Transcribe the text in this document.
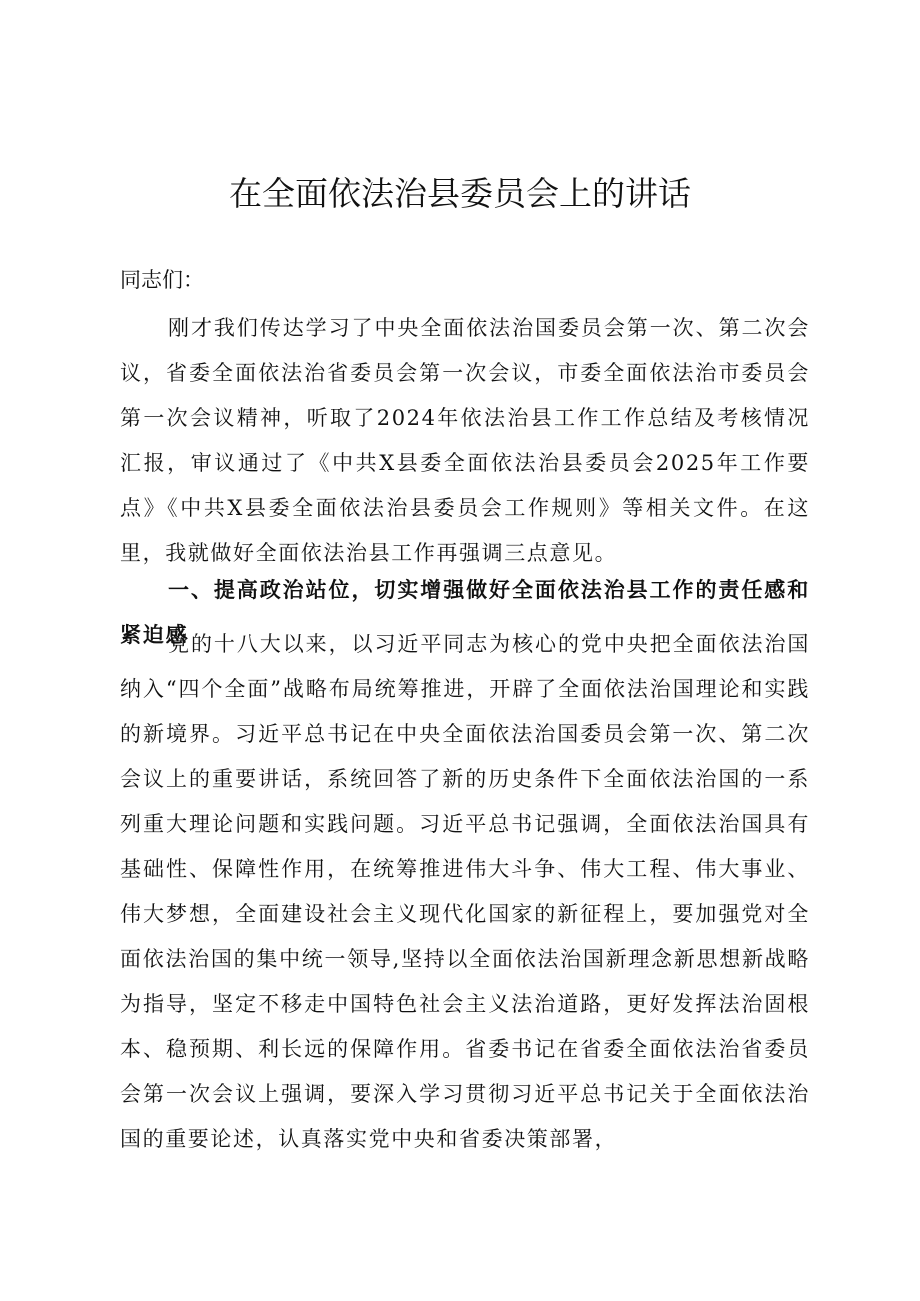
在全面依法治县委员会上的讲话

同志们：

刚才我们传达学习了中央全面依法治国委员会第一次、第二次会议，省委全面依法治省委员会第一次会议，市委全面依法治市委员会第一次会议精神，听取了2024年依法治县工作工作总结及考核情况汇报，审议通过了《中共X县委全面依法治县委员会2025年工作要点》《中共X县委全面依法治县委员会工作规则》等相关文件。在这里，我就做好全面依法治县工作再强调三点意见。

一、提高政治站位，切实增强做好全面依法治县工作的责任感和紧迫感

党的十八大以来，以习近平同志为核心的党中央把全面依法治国纳入“四个全面”战略布局统筹推进，开辟了全面依法治国理论和实践的新境界。习近平总书记在中央全面依法治国委员会第一次、第二次会议上的重要讲话，系统回答了新的历史条件下全面依法治国的一系列重大理论问题和实践问题。习近平总书记强调，全面依法治国具有基础性、保障性作用，在统筹推进伟大斗争、伟大工程、伟大事业、伟大梦想，全面建设社会主义现代化国家的新征程上，要加强党对全面依法治国的集中统一领导,坚持以全面依法治国新理念新思想新战略为指导，坚定不移走中国特色社会主义法治道路，更好发挥法治固根本、稳预期、利长远的保障作用。省委书记在省委全面依法治省委员会第一次会议上强调，要深入学习贯彻习近平总书记关于全面依法治国的重要论述，认真落实党中央和省委决策部署，
